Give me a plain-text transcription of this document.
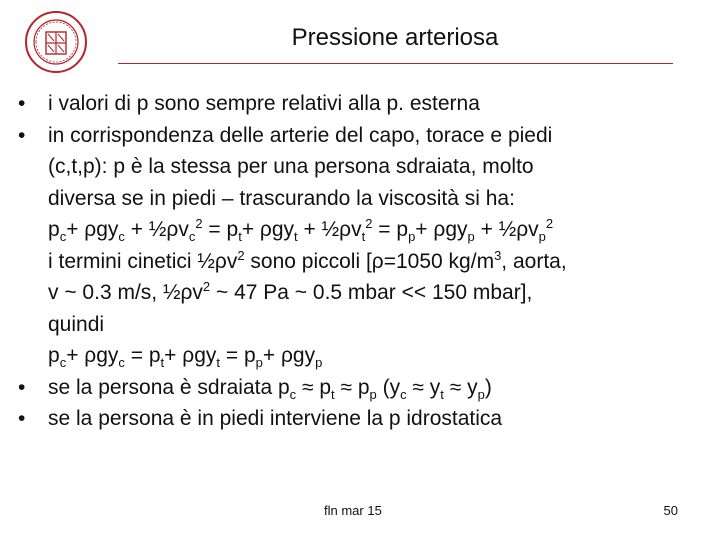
Pressione arteriosa
• i valori di p sono sempre relativi alla p. esterna
• in corrispondenza delle arterie del capo, torace e piedi
(c,t,p): p è la stessa per una persona sdraiata, molto
diversa se in piedi – trascurando la viscosità si ha:
$p_c+ \rho gy_c$ + $\frac{1}{2}\rho v_c^2 = p_t+ \rho gy_t$ + $\frac{1}{2}\rho v_t^2 = p_p+ \rho gy_p$ + $\frac{1}{2}\rho v_p^2$
i termini cinetici $\frac{1}{2}\rho v^2$ sono piccoli [ρ=1050 $kg/m^3$, aorta,
v ~ 0.3 m/s, $\frac{1}{2}\rho v^2$ ~ 47 Pa ~ 0.5 mbar << 150 mbar],
quindi
$p_c+ \rho gy_c = p_t+ \rho gy_t = p_p+ \rho gy_p$
• se la persona è sdraiata $p_c \approx p_t \approx p_p$ $(y_c \approx y_t \approx y_p)$
• se la persona è in piedi interviene la p idrostatica
fln mar 15	50
